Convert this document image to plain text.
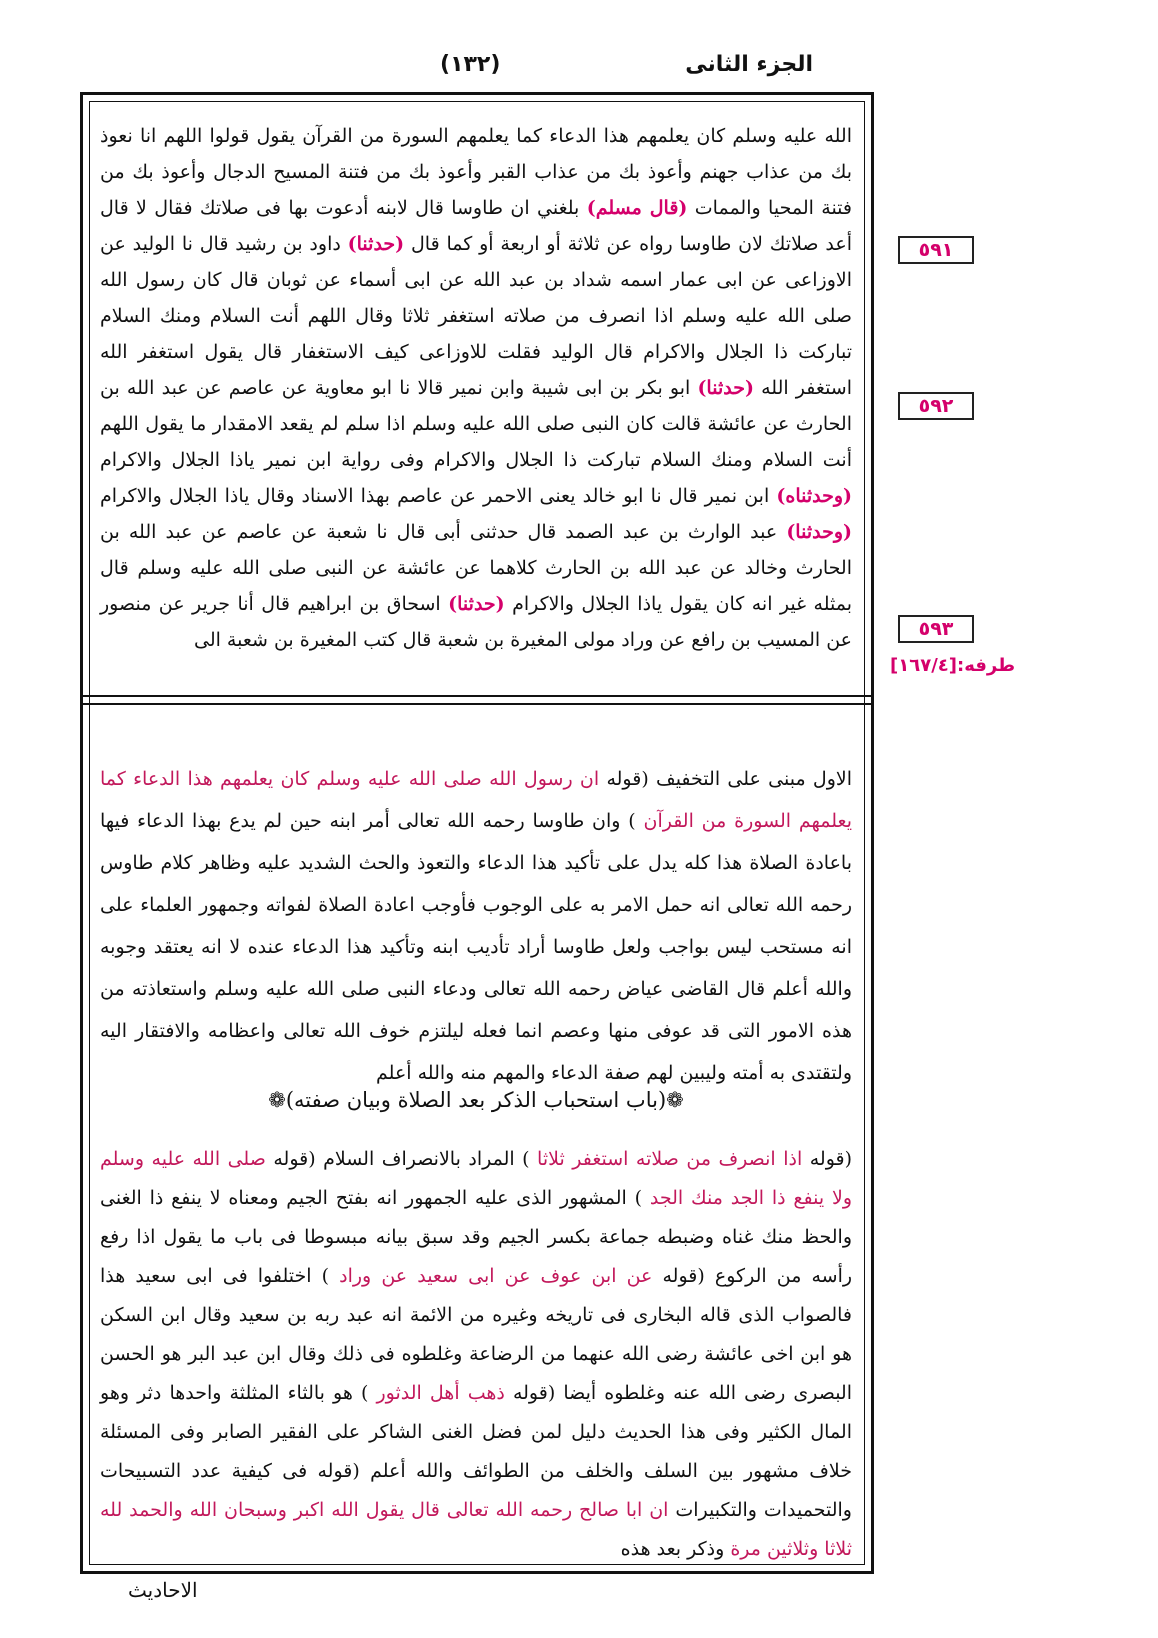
الجزء الثانى
(١٣٢)
الله عليه وسلم كان يعلمهم هذا الدعاء كما يعلمهم السورة من القرآن يقول قولوا اللهم انا نعوذ بك من عذاب جهنم وأعوذ بك من عذاب القبر وأعوذ بك من فتنة المسيح الدجال وأعوذ بك من فتنة المحيا والممات (قال مسلم) بلغني ان طاوسا قال لابنه أدعوت بها فى صلاتك فقال لا قال أعد صلاتك لان طاوسا رواه عن ثلاثة أو اربعة أو كما قال (حدثنا) داود بن رشيد قال نا الوليد عن الاوزاعى عن ابى عمار اسمه شداد بن عبد الله عن ابى أسماء عن ثوبان قال كان رسول الله صلى الله عليه وسلم اذا انصرف من صلاته استغفر ثلاثا وقال اللهم أنت السلام ومنك السلام تباركت ذا الجلال والاكرام قال الوليد فقلت للاوزاعى كيف الاستغفار قال يقول استغفر الله استغفر الله (حدثنا) ابو بكر بن ابى شيبة وابن نمير قالا نا ابو معاوية عن عاصم عن عبد الله بن الحارث عن عائشة قالت كان النبى صلى الله عليه وسلم اذا سلم لم يقعد الامقدار ما يقول اللهم أنت السلام ومنك السلام تباركت ذا الجلال والاكرام وفى رواية ابن نمير ياذا الجلال والاكرام (وحدثناه) ابن نمير قال نا ابو خالد يعنى الاحمر عن عاصم بهذا الاسناد وقال ياذا الجلال والاكرام (وحدثنا) عبد الوارث بن عبد الصمد قال حدثنى أبى قال نا شعبة عن عاصم عن عبد الله بن الحارث وخالد عن عبد الله بن الحارث كلاهما عن عائشة عن النبى صلى الله عليه وسلم قال بمثله غير انه كان يقول ياذا الجلال والاكرام (حدثنا) اسحاق بن ابراهيم قال أنا جرير عن منصور عن المسيب بن رافع عن وراد مولى المغيرة بن شعبة قال كتب المغيرة بن شعبة الى
٥٩١
٥٩٢
٥٩٣
طرفه:[١٦٧/٤]
الاول مبنى على التخفيف (قوله ان رسول الله صلى الله عليه وسلم كان يعلمهم هذا الدعاء كما يعلمهم السورة من القرآن ) وان طاوسا رحمه الله تعالى أمر ابنه حين لم يدع بهذا الدعاء فيها باعادة الصلاة هذا كله يدل على تأكيد هذا الدعاء والتعوذ والحث الشديد عليه وظاهر كلام طاوس رحمه الله تعالى انه حمل الامر به على الوجوب فأوجب اعادة الصلاة لفواته وجمهور العلماء على انه مستحب ليس بواجب ولعل طاوسا أراد تأديب ابنه وتأكيد هذا الدعاء عنده لا انه يعتقد وجوبه والله أعلم قال القاضى عياض رحمه الله تعالى ودعاء النبى صلى الله عليه وسلم واستعاذته من هذه الامور التى قد عوفى منها وعصم انما فعله ليلتزم خوف الله تعالى واعظامه والافتقار اليه ولتقتدى به أمته وليبين لهم صفة الدعاء والمهم منه والله أعلم
❁(باب استحباب الذكر بعد الصلاة وبيان صفته)❁
(قوله اذا انصرف من صلاته استغفر ثلاثا ) المراد بالانصراف السلام (قوله صلى الله عليه وسلم ولا ينفع ذا الجد منك الجد ) المشهور الذى عليه الجمهور انه بفتح الجيم ومعناه لا ينفع ذا الغنى والحظ منك غناه وضبطه جماعة بكسر الجيم وقد سبق بيانه مبسوطا فى باب ما يقول اذا رفع رأسه من الركوع (قوله عن ابن عوف عن ابى سعيد عن وراد ) اختلفوا فى ابى سعيد هذا فالصواب الذى قاله البخارى فى تاريخه وغيره من الائمة انه عبد ربه بن سعيد وقال ابن السكن هو ابن اخى عائشة رضى الله عنهما من الرضاعة وغلطوه فى ذلك وقال ابن عبد البر هو الحسن البصرى رضى الله عنه وغلطوه أيضا (قوله ذهب أهل الدثور ) هو بالثاء المثلثة واحدها دثر وهو المال الكثير وفى هذا الحديث دليل لمن فضل الغنى الشاكر على الفقير الصابر وفى المسئلة خلاف مشهور بين السلف والخلف من الطوائف والله أعلم (قوله فى كيفية عدد التسبيحات والتحميدات والتكبيرات ان ابا صالح رحمه الله تعالى قال يقول الله اكبر وسبحان الله والحمد لله ثلاثا وثلاثين مرة وذكر بعد هذه
الاحاديث
